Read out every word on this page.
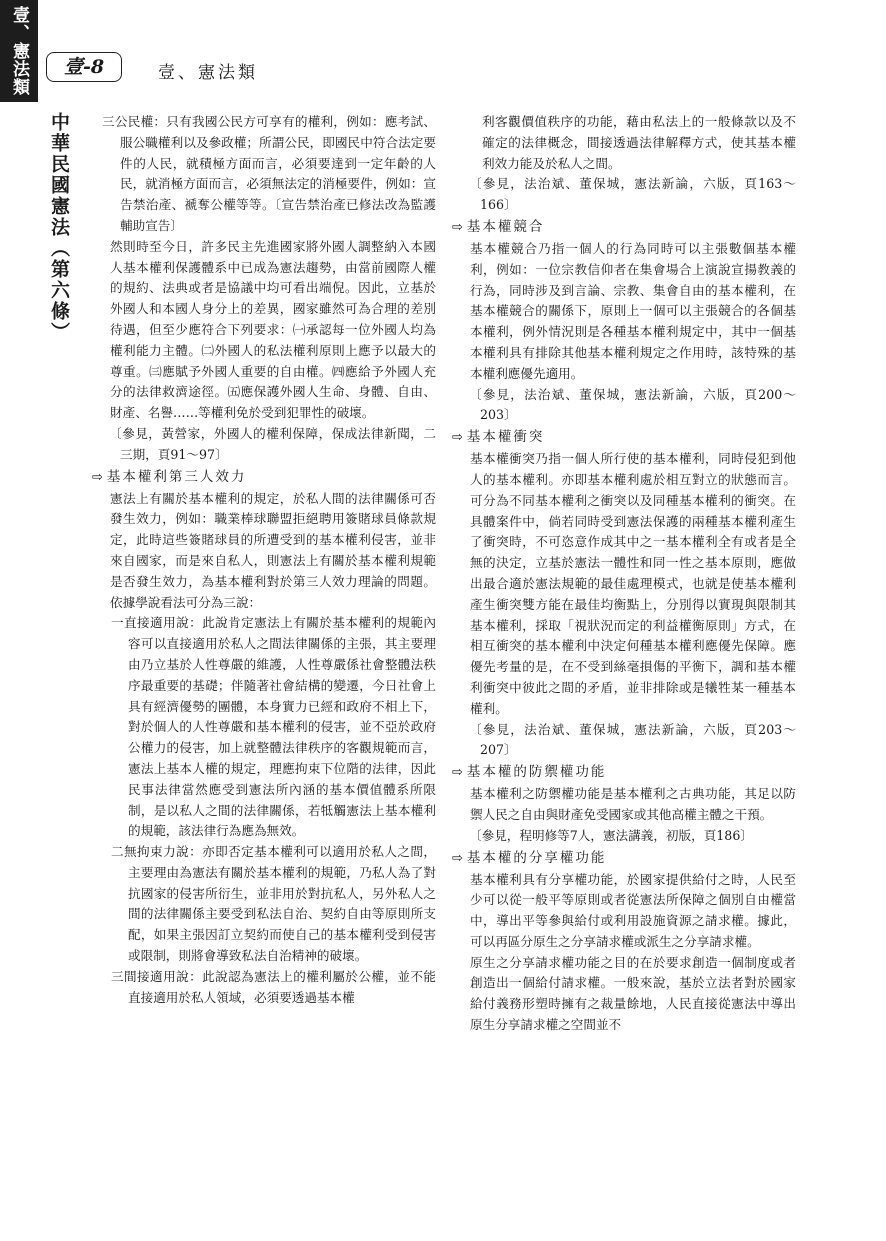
壹、憲法類
中華民國憲法（第六條）
壹-8	壹、憲法類

三公民權：只有我國公民方可享有的權利，例如：應考試、服公職權利以及參政權；所謂公民，即國民中符合法定要件的人民，就積極方面而言，必須要達到一定年齡的人民，就消極方面而言，必須無法定的消極要件，例如：宣告禁治產、褫奪公權等等。〔宣告禁治產已修法改為監護輔助宣告〕

然則時至今日，許多民主先進國家將外國人調整納入本國人基本權利保護體系中已成為憲法趨勢，由當前國際人權的規約、法典或者是協議中均可看出端倪。因此，立基於外國人和本國人身分上的差異，國家雖然可為合理的差別待遇，但至少應符合下列要求：㈠承認每一位外國人均為權利能力主體。㈡外國人的私法權利原則上應予以最大的尊重。㈢應賦予外國人重要的自由權。㈣應給予外國人充分的法律救濟途徑。㈤應保護外國人生命、身體、自由、財產、名譽……等權利免於受到犯罪性的破壞。

〔參見，黃營家，外國人的權利保障，保成法律新聞，二三期，頁91～97〕

⇨ 基本權利第三人效力

憲法上有關於基本權利的規定，於私人間的法律關係可否發生效力，例如：職業棒球聯盟拒絕聘用簽賭球員條款規定，此時這些簽賭球員的所遭受到的基本權利侵害，並非來自國家，而是來自私人，則憲法上有關於基本權利規範是否發生效力，為基本權利對於第三人效力理論的問題。依據學說看法可分為三說：

一直接適用說：此說肯定憲法上有關於基本權利的規範內容可以直接適用於私人之間法律關係的主張，其主要理由乃立基於人性尊嚴的維護，人性尊嚴係社會整體法秩序最重要的基礎；伴隨著社會結構的變遷，今日社會上具有經濟優勢的團體，本身實力已經和政府不相上下，對於個人的人性尊嚴和基本權利的侵害，並不亞於政府公權力的侵害，加上就整體法律秩序的客觀規範而言，憲法上基本人權的規定，理應拘束下位階的法律，因此民事法律當然應受到憲法所內涵的基本價值體系所限制，是以私人之間的法律關係，若牴觸憲法上基本權利的規範，該法律行為應為無效。

二無拘束力說：亦即否定基本權利可以適用於私人之間，主要理由為憲法有關於基本權利的規範，乃私人為了對抗國家的侵害所衍生，並非用於對抗私人，另外私人之間的法律關係主要受到私法自治、契約自由等原則所支配，如果主張因訂立契約而使自己的基本權利受到侵害或限制，則將會導致私法自治精神的破壞。

三間接適用說：此說認為憲法上的權利屬於公權，並不能直接適用於私人領域，必須要透過基本權

利客觀價值秩序的功能，藉由私法上的一般條款以及不確定的法律概念，間接透過法律解釋方式，使其基本權利效力能及於私人之間。

〔參見，法治斌、董保城，憲法新論，六版，頁163～166〕

⇨ 基本權競合

基本權競合乃指一個人的行為同時可以主張數個基本權利，例如：一位宗教信仰者在集會場合上演說宣揚教義的行為，同時涉及到言論、宗教、集會自由的基本權利，在基本權競合的關係下，原則上一個可以主張競合的各個基本權利，例外情況則是各種基本權利規定中，其中一個基本權利具有排除其他基本權利規定之作用時，該特殊的基本權利應優先適用。

〔參見，法治斌、董保城，憲法新論，六版，頁200～203〕

⇨ 基本權衝突

基本權衝突乃指一個人所行使的基本權利，同時侵犯到他人的基本權利。亦即基本權利處於相互對立的狀態而言。可分為不同基本權利之衝突以及同種基本權利的衝突。在具體案件中，倘若同時受到憲法保護的兩種基本權利產生了衝突時，不可恣意作成其中之一基本權利全有或者是全無的決定，立基於憲法一體性和同一性之基本原則，應做出最合適於憲法規範的最佳處理模式，也就是使基本權利產生衝突雙方能在最佳均衡點上，分別得以實現與限制其基本權利，採取「視狀況而定的利益權衡原則」方式，在相互衝突的基本權利中決定何種基本權利應優先保障。應優先考量的是，在不受到絲毫損傷的平衡下，調和基本權利衝突中彼此之間的矛盾，並非排除或是犧牲某一種基本權利。

〔參見，法治斌、董保城，憲法新論，六版，頁203～207〕

⇨ 基本權的防禦權功能

基本權利之防禦權功能是基本權利之古典功能，其足以防禦人民之自由與財產免受國家或其他高權主體之干預。

〔參見，程明修等7人，憲法講義，初版，頁186〕

⇨ 基本權的分享權功能

基本權利具有分享權功能，於國家提供給付之時，人民至少可以從一般平等原則或者從憲法所保障之個別自由權當中，導出平等參與給付或利用設施資源之請求權。據此，可以再區分原生之分享請求權或派生之分享請求權。

原生之分享請求權功能之目的在於要求創造一個制度或者創造出一個給付請求權。一般來說，基於立法者對於國家給付義務形塑時擁有之裁量餘地，人民直接從憲法中導出原生分享請求權之空間並不
